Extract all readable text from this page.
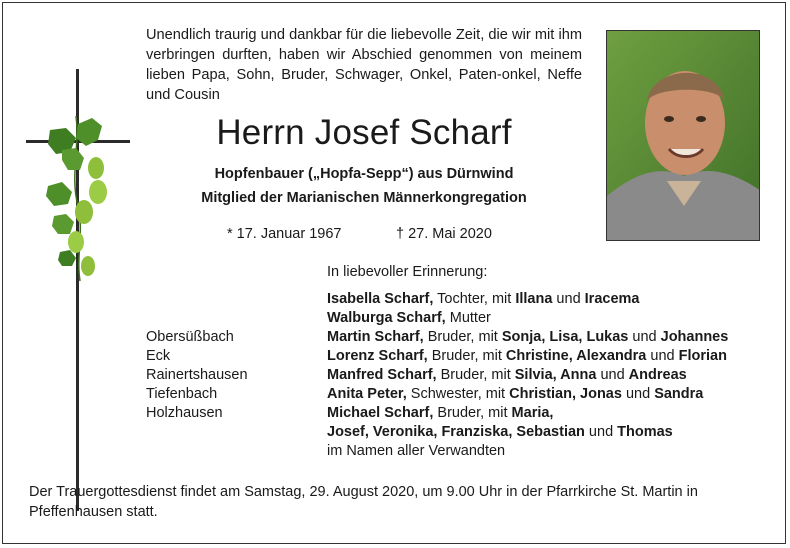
Unendlich traurig und dankbar für die liebevolle Zeit, die wir mit ihm verbringen durften, haben wir Abschied genommen von meinem lieben Papa, Sohn, Bruder, Schwager, Onkel, Paten-onkel, Neffe und Cousin
Herrn Josef Scharf
Hopfenbauer („Hopfa-Sepp“) aus Dürnwind
Mitglied der Marianischen Männerkongregation
* 17. Januar 1967	† 27. Mai 2020
In liebevoller Erinnerung:
Isabella Scharf, Tochter, mit Illana und Iracema
Walburga Scharf, Mutter
Martin Scharf, Bruder, mit Sonja, Lisa, Lukas und Johannes
Lorenz Scharf, Bruder, mit Christine, Alexandra und Florian
Manfred Scharf, Bruder, mit Silvia, Anna und Andreas
Anita Peter, Schwester, mit Christian, Jonas und Sandra
Michael Scharf, Bruder, mit Maria,
Josef, Veronika, Franziska, Sebastian und Thomas
im Namen aller Verwandten
Obersüßbach
Eck
Rainertshausen
Tiefenbach
Holzhausen
Der Trauergottesdienst findet am Samstag, 29. August 2020, um 9.00 Uhr in der Pfarrkirche St. Martin in Pfeffenhausen statt.
